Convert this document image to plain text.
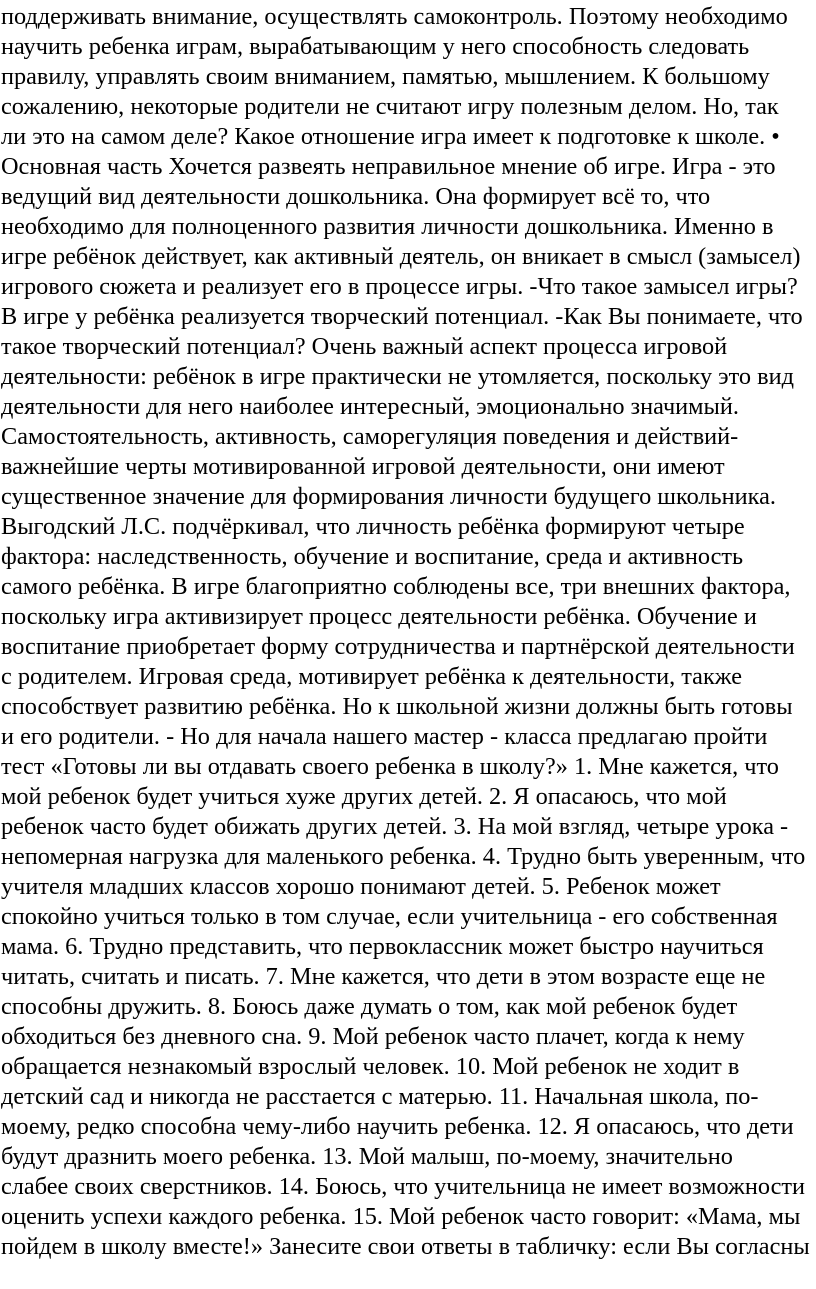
поддерживать внимание, осуществлять самоконтроль. Поэтому необходимо
научить ребенка играм, вырабатывающим у него способность следовать
правилу, управлять своим вниманием, памятью, мышлением. К большому
сожалению, некоторые родители не считают игру полезным делом. Но, так
ли это на самом деле? Какое отношение игра имеет к подготовке к школе. •
Основная часть Хочется развеять неправильное мнение об игре. Игра - это
ведущий вид деятельности дошкольника. Она формирует всё то, что
необходимо для полноценного развития личности дошкольника. Именно в
игре ребёнок действует, как активный деятель, он вникает в смысл (замысел)
игрового сюжета и реализует его в процессе игры. -Что такое замысел игры?
В игре у ребёнка реализуется творческий потенциал. -Как Вы понимаете, что
такое творческий потенциал? Очень важный аспект процесса игровой
деятельности: ребёнок в игре практически не утомляется, поскольку это вид
деятельности для него наиболее интересный, эмоционально значимый.
Самостоятельность, активность, саморегуляция поведения и действий-
важнейшие черты мотивированной игровой деятельности, они имеют
существенное значение для формирования личности будущего школьника.
Выгодский Л.С. подчёркивал, что личность ребёнка формируют четыре
фактора: наследственность, обучение и воспитание, среда и активность
самого ребёнка. В игре благоприятно соблюдены все, три внешних фактора,
поскольку игра активизирует процесс деятельности ребёнка. Обучение и
воспитание приобретает форму сотрудничества и партнёрской деятельности
с родителем. Игровая среда, мотивирует ребёнка к деятельности, также
способствует развитию ребёнка. Но к школьной жизни должны быть готовы
и его родители. - Но для начала нашего мастер - класса предлагаю пройти
тест «Готовы ли вы отдавать своего ребенка в школу?» 1. Мне кажется, что
мой ребенок будет учиться хуже других детей. 2. Я опасаюсь, что мой
ребенок часто будет обижать других детей. 3. На мой взгляд, четыре урока -
непомерная нагрузка для маленького ребенка. 4. Трудно быть уверенным, что
учителя младших классов хорошо понимают детей. 5. Ребенок может
спокойно учиться только в том случае, если учительница - его собственная
мама. 6. Трудно представить, что первоклассник может быстро научиться
читать, считать и писать. 7. Мне кажется, что дети в этом возрасте еще не
способны дружить. 8. Боюсь даже думать о том, как мой ребенок будет
обходиться без дневного сна. 9. Мой ребенок часто плачет, когда к нему
обращается незнакомый взрослый человек. 10. Мой ребенок не ходит в
детский сад и никогда не расстается с матерью. 11. Начальная школа, по-
моему, редко способна чему-либо научить ребенка. 12. Я опасаюсь, что дети
будут дразнить моего ребенка. 13. Мой малыш, по-моему, значительно
слабее своих сверстников. 14. Боюсь, что учительница не имеет возможности
оценить успехи каждого ребенка. 15. Мой ребенок часто говорит: «Мама, мы
пойдем в школу вместе!» Занесите свои ответы в табличку: если Вы согласны
